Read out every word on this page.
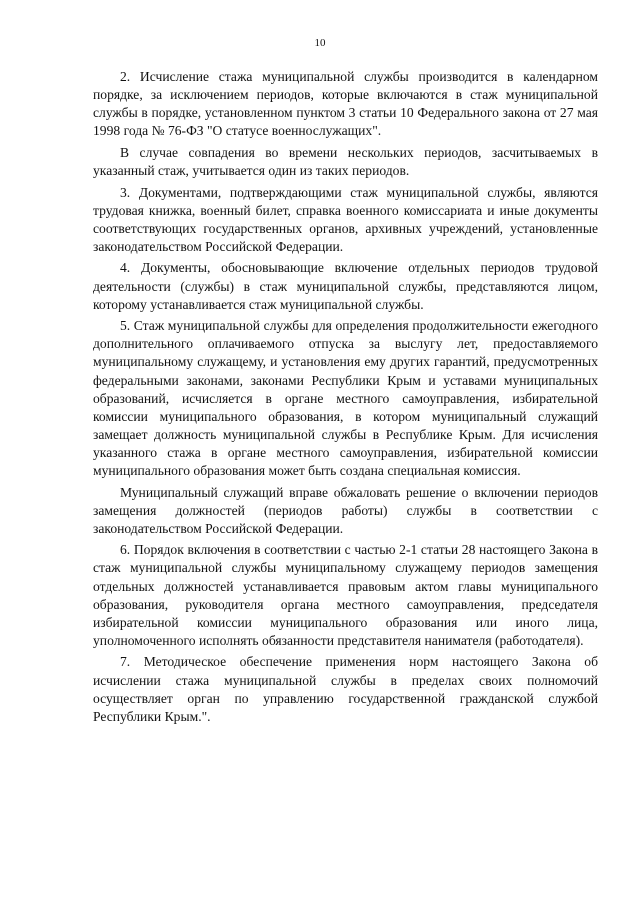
10

2. Исчисление стажа муниципальной службы производится в календарном порядке, за исключением периодов, которые включаются в стаж муниципальной службы в порядке, установленном пунктом 3 статьи 10 Федерального закона от 27 мая 1998 года № 76-ФЗ "О статусе военнослужащих".

В случае совпадения во времени нескольких периодов, засчитываемых в указанный стаж, учитывается один из таких периодов.

3. Документами, подтверждающими стаж муниципальной службы, являются трудовая книжка, военный билет, справка военного комиссариата и иные документы соответствующих государственных органов, архивных учреждений, установленные законодательством Российской Федерации.

4. Документы, обосновывающие включение отдельных периодов трудовой деятельности (службы) в стаж муниципальной службы, представляются лицом, которому устанавливается стаж муниципальной службы.

5. Стаж муниципальной службы для определения продолжительности ежегодного дополнительного оплачиваемого отпуска за выслугу лет, предоставляемого муниципальному служащему, и установления ему других гарантий, предусмотренных федеральными законами, законами Республики Крым и уставами муниципальных образований, исчисляется в органе местного самоуправления, избирательной комиссии муниципального образования, в котором муниципальный служащий замещает должность муниципальной службы в Республике Крым. Для исчисления указанного стажа в органе местного самоуправления, избирательной комиссии муниципального образования может быть создана специальная комиссия.

Муниципальный служащий вправе обжаловать решение о включении периодов замещения должностей (периодов работы) службы в соответствии с законодательством Российской Федерации.

6. Порядок включения в соответствии с частью 2-1 статьи 28 настоящего Закона в стаж муниципальной службы муниципальному служащему периодов замещения отдельных должностей устанавливается правовым актом главы муниципального образования, руководителя органа местного самоуправления, председателя избирательной комиссии муниципального образования или иного лица, уполномоченного исполнять обязанности представителя нанимателя (работодателя).

7. Методическое обеспечение применения норм настоящего Закона об исчислении стажа муниципальной службы в пределах своих полномочий осуществляет орган по управлению государственной гражданской службой Республики Крым.".
